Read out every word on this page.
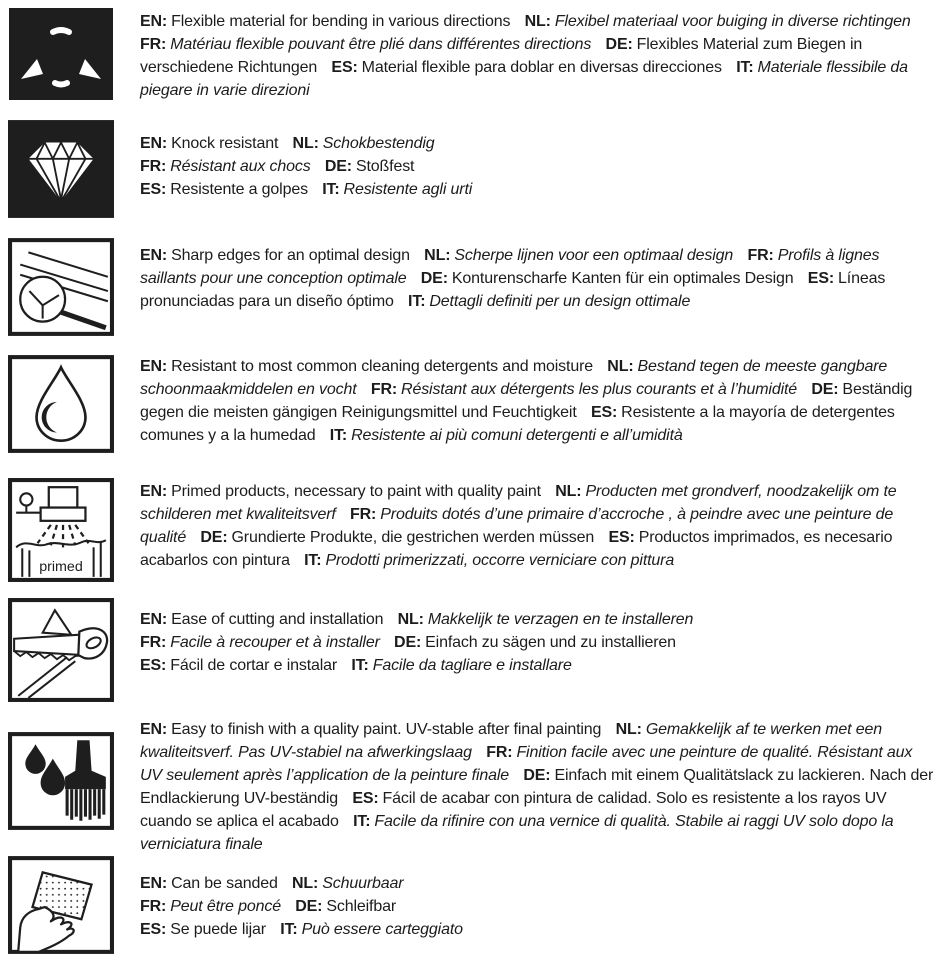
EN: Flexible material for bending in various directions NL: Flexibel materiaal voor buiging in diverse richtingen FR: Matériau flexible pouvant être plié dans différentes directions DE: Flexibles Material zum Biegen in verschiedene Richtungen ES: Material flexible para doblar en diversas direcciones IT: Materiale flessibile da piegare in varie direzioni
EN: Knock resistant NL: Schokbestendig
FR: Résistant aux chocs DE: Stoßfest
ES: Resistente a golpes IT: Resistente agli urti
EN: Sharp edges for an optimal design NL: Scherpe lijnen voor een optimaal design FR: Profils à lignes saillants pour une conception optimale DE: Konturenscharfe Kanten für ein optimales Design ES: Líneas pronunciadas para un diseño óptimo IT: Dettagli definiti per un design ottimale
EN: Resistant to most common cleaning detergents and moisture NL: Bestand tegen de meeste gangbare schoonmaakmiddelen en vocht FR: Résistant aux détergents les plus courants et à l’humidité DE: Beständig gegen die meisten gängigen Reinigungsmittel und Feuchtigkeit ES: Resistente a la mayoría de detergentes comunes y a la humedad IT: Resistente ai più comuni detergenti e all’umidità
primed
EN: Primed products, necessary to paint with quality paint NL: Producten met grondverf, noodzakelijk om te schilderen met kwaliteitsverf FR: Produits dotés d’une primaire d’accroche , à peindre avec une peinture de qualité DE: Grundierte Produkte, die gestrichen werden müssen ES: Productos imprimados, es necesario acabarlos con pintura IT: Prodotti primerizzati, occorre verniciare con pittura
EN: Ease of cutting and installation NL: Makkelijk te verzagen en te installeren
FR: Facile à recouper et à installer DE: Einfach zu sägen und zu installieren
ES: Fácil de cortar e instalar IT: Facile da tagliare e installare
EN: Easy to finish with a quality paint. UV-stable after final painting NL: Gemakkelijk af te werken met een kwaliteitsverf. Pas UV-stabiel na afwerkingslaag FR: Finition facile avec une peinture de qualité. Résistant aux UV seulement après l’application de la peinture finale DE: Einfach mit einem Qualitätslack zu lackieren. Nach der Endlackierung UV-beständig ES: Fácil de acabar con pintura de calidad. Solo es resistente a los rayos UV cuando se aplica el acabado IT: Facile da rifinire con una vernice di qualità. Stabile ai raggi UV solo dopo la verniciatura finale
EN: Can be sanded NL: Schuurbaar
FR: Peut être poncé DE: Schleifbar
ES: Se puede lijar IT: Può essere carteggiato
